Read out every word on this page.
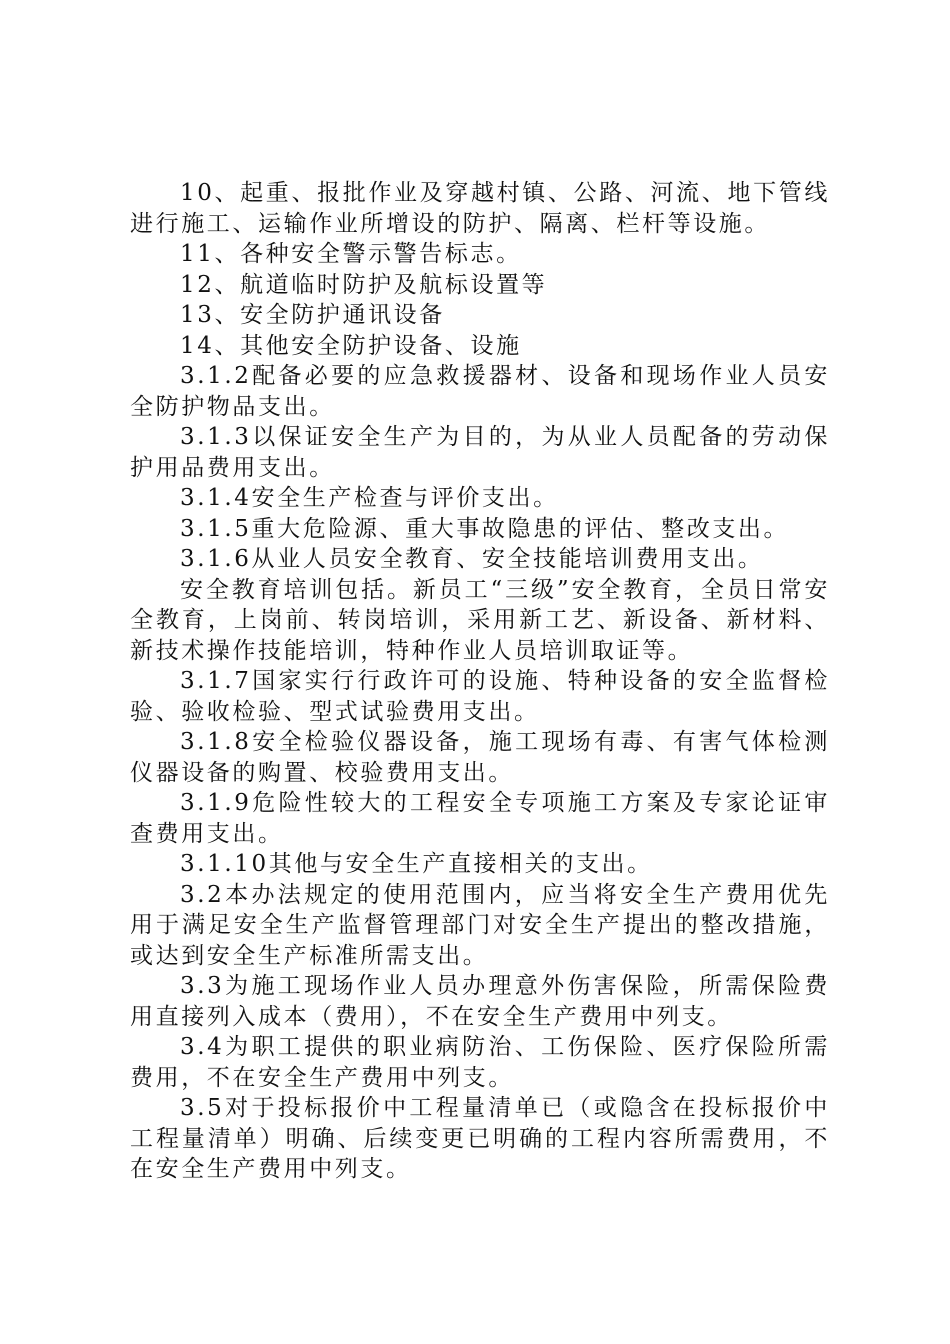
10、起重、报批作业及穿越村镇、公路、河流、地下管线进行施工、运输作业所增设的防护、隔离、栏杆等设施。

11、各种安全警示警告标志。

12、航道临时防护及航标设置等

13、安全防护通讯设备

14、其他安全防护设备、设施

3.1.2配备必要的应急救援器材、设备和现场作业人员安全防护物品支出。

3.1.3以保证安全生产为目的，为从业人员配备的劳动保护用品费用支出。

3.1.4安全生产检查与评价支出。

3.1.5重大危险源、重大事故隐患的评估、整改支出。

3.1.6从业人员安全教育、安全技能培训费用支出。

安全教育培训包括。新员工“三级”安全教育，全员日常安全教育，上岗前、转岗培训，采用新工艺、新设备、新材料、新技术操作技能培训，特种作业人员培训取证等。

3.1.7国家实行行政许可的设施、特种设备的安全监督检验、验收检验、型式试验费用支出。

3.1.8安全检验仪器设备，施工现场有毒、有害气体检测仪器设备的购置、校验费用支出。

3.1.9危险性较大的工程安全专项施工方案及专家论证审查费用支出。

3.1.10其他与安全生产直接相关的支出。

3.2本办法规定的使用范围内，应当将安全生产费用优先用于满足安全生产监督管理部门对安全生产提出的整改措施，或达到安全生产标准所需支出。

3.3为施工现场作业人员办理意外伤害保险，所需保险费用直接列入成本（费用），不在安全生产费用中列支。

3.4为职工提供的职业病防治、工伤保险、医疗保险所需费用，不在安全生产费用中列支。

3.5对于投标报价中工程量清单已（或隐含在投标报价中工程量清单）明确、后续变更已明确的工程内容所需费用，不在安全生产费用中列支。
